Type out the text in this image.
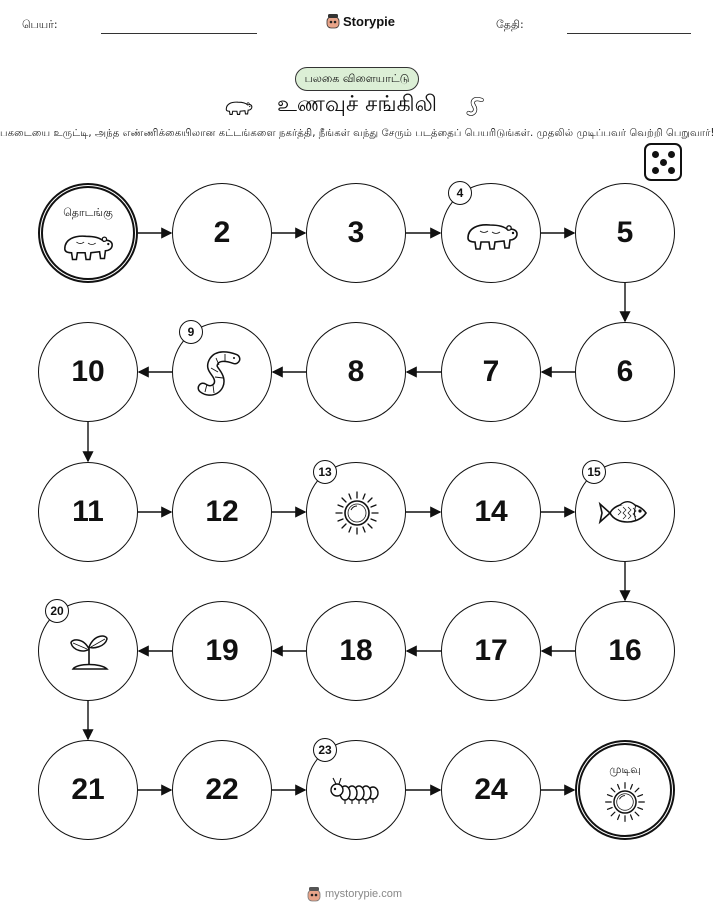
பெயர்:	Storypie	தேதி:
பலகை விளையாட்டு
உணவுச் சங்கிலி
பகடையை உருட்டி, அந்த எண்ணிக்கையிலான கட்டங்களை நகர்த்தி, நீங்கள் வந்து சேரும் படத்தைப் பெயரிடுங்கள். முதலில் முடிப்பவர் வெற்றி பெறுவார்!
தொடங்கு
2	3
4
5
6
7
8
9
10
11	12
13
14
15
16
17
18
19
20
21	22
23
24
முடிவு
mystorypie.com
